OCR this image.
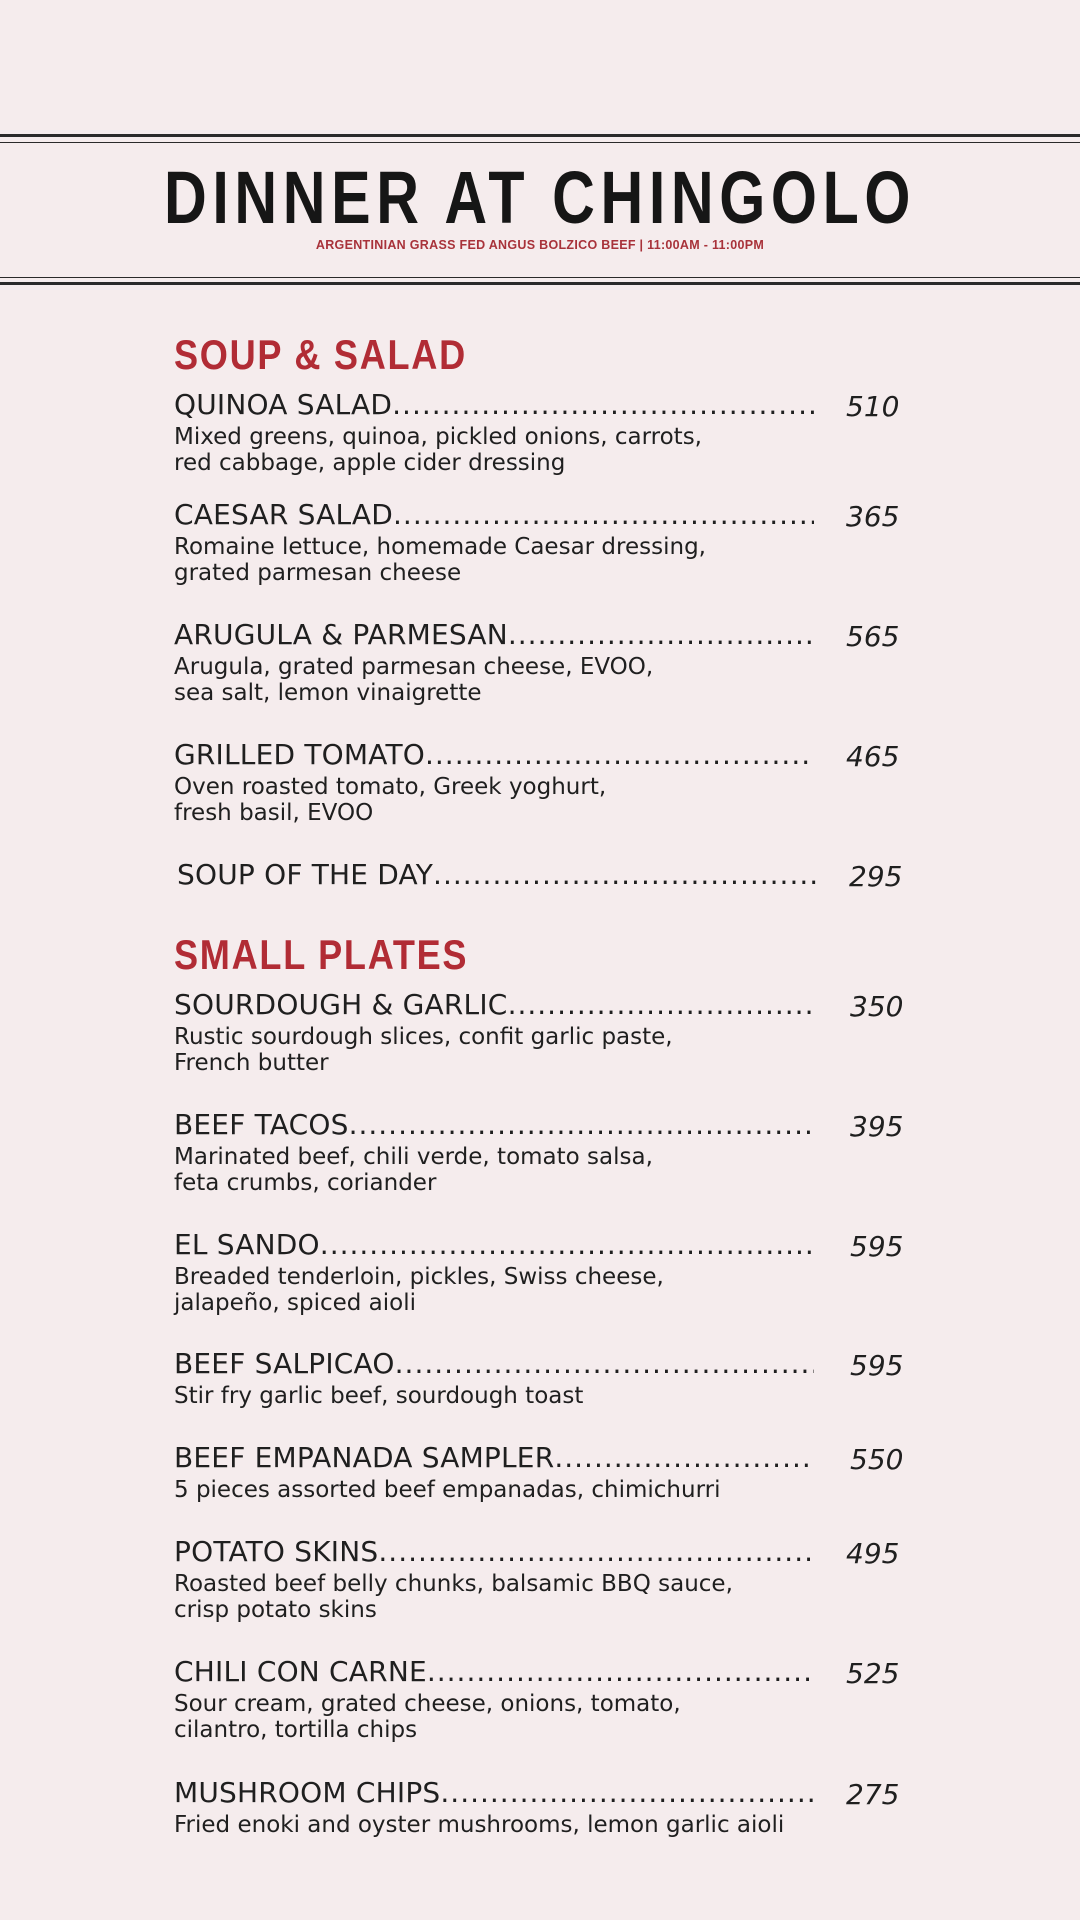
DINNER AT CHINGOLO
ARGENTINIAN GRASS FED ANGUS BOLZICO BEEF | 11:00AM - 11:00PM
SOUP & SALAD
QUINOA SALAD .....	510
Mixed greens, quinoa, pickled onions, carrots,
red cabbage, apple cider dressing
CAESAR SALAD .....	365
Romaine lettuce, homemade Caesar dressing,
grated parmesan cheese
ARUGULA & PARMESAN .....	565
Arugula, grated parmesan cheese, EVOO,
sea salt, lemon vinaigrette
GRILLED TOMATO .....	465
Oven roasted tomato, Greek yoghurt,
fresh basil, EVOO
SOUP OF THE DAY .....	295
SMALL PLATES
SOURDOUGH & GARLIC .....	350
Rustic sourdough slices, confit garlic paste,
French butter
BEEF TACOS .....	395
Marinated beef, chili verde, tomato salsa,
feta crumbs, coriander
EL SANDO .....	595
Breaded tenderloin, pickles, Swiss cheese,
jalapeño, spiced aioli
BEEF SALPICAO .....	595
Stir fry garlic beef, sourdough toast
BEEF EMPANADA SAMPLER .....	550
5 pieces assorted beef empanadas, chimichurri
POTATO SKINS .....	495
Roasted beef belly chunks, balsamic BBQ sauce,
crisp potato skins
CHILI CON CARNE .....	525
Sour cream, grated cheese, onions, tomato,
cilantro, tortilla chips
MUSHROOM CHIPS .....	275
Fried enoki and oyster mushrooms, lemon garlic aioli
